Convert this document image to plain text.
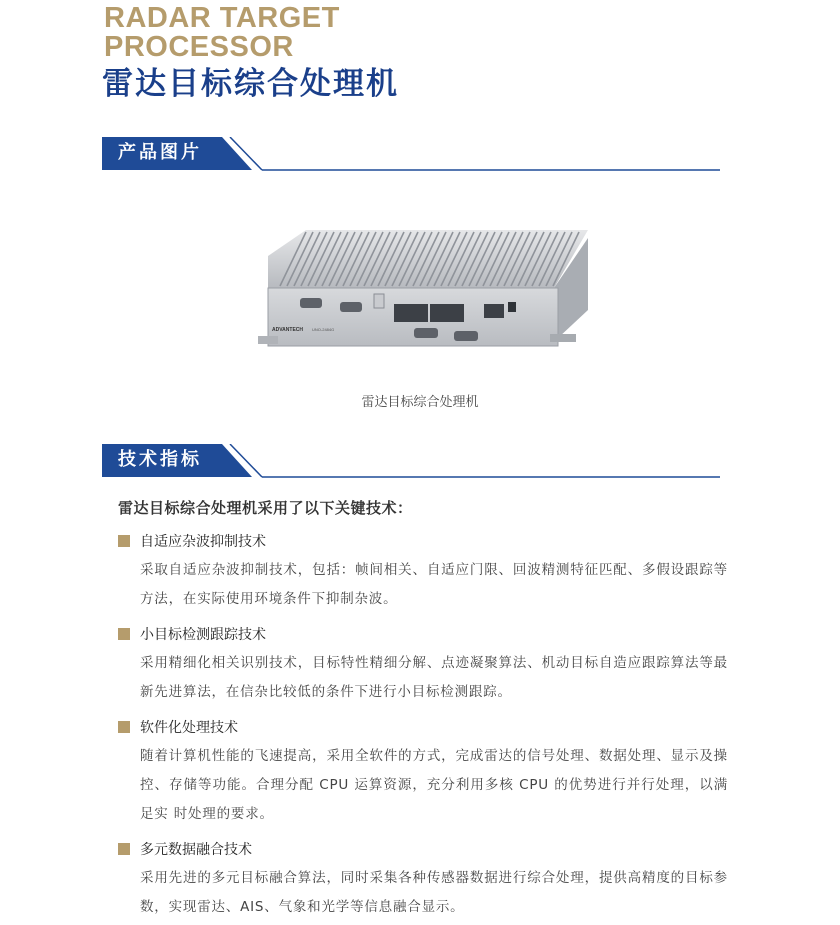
RADAR TARGET
PROCESSOR
雷达目标综合处理机
产品图片
ADVANTECH UNO-2484G
雷达目标综合处理机
技术指标
雷达目标综合处理机采用了以下关键技术：
自适应杂波抑制技术
采取自适应杂波抑制技术，包括：帧间相关、自适应门限、回波精测特征匹配、多假设跟踪等方法，在实际使用环境条件下抑制杂波。
小目标检测跟踪技术
采用精细化相关识别技术，目标特性精细分解、点迹凝聚算法、机动目标自造应跟踪算法等最新先进算法，在信杂比较低的条件下进行小目标检测跟踪。
软件化处理技术
随着计算机性能的飞速提高，采用全软件的方式，完成雷达的信号处理、数据处理、显示及操控、存储等功能。合理分配 CPU 运算资源，充分利用多核 CPU 的优势进行并行处理，以满足实 时处理的要求。
多元数据融合技术
采用先进的多元目标融合算法，同时采集各种传感器数据进行综合处理，提供高精度的目标参数，实现雷达、AIS、气象和光学等信息融合显示。
